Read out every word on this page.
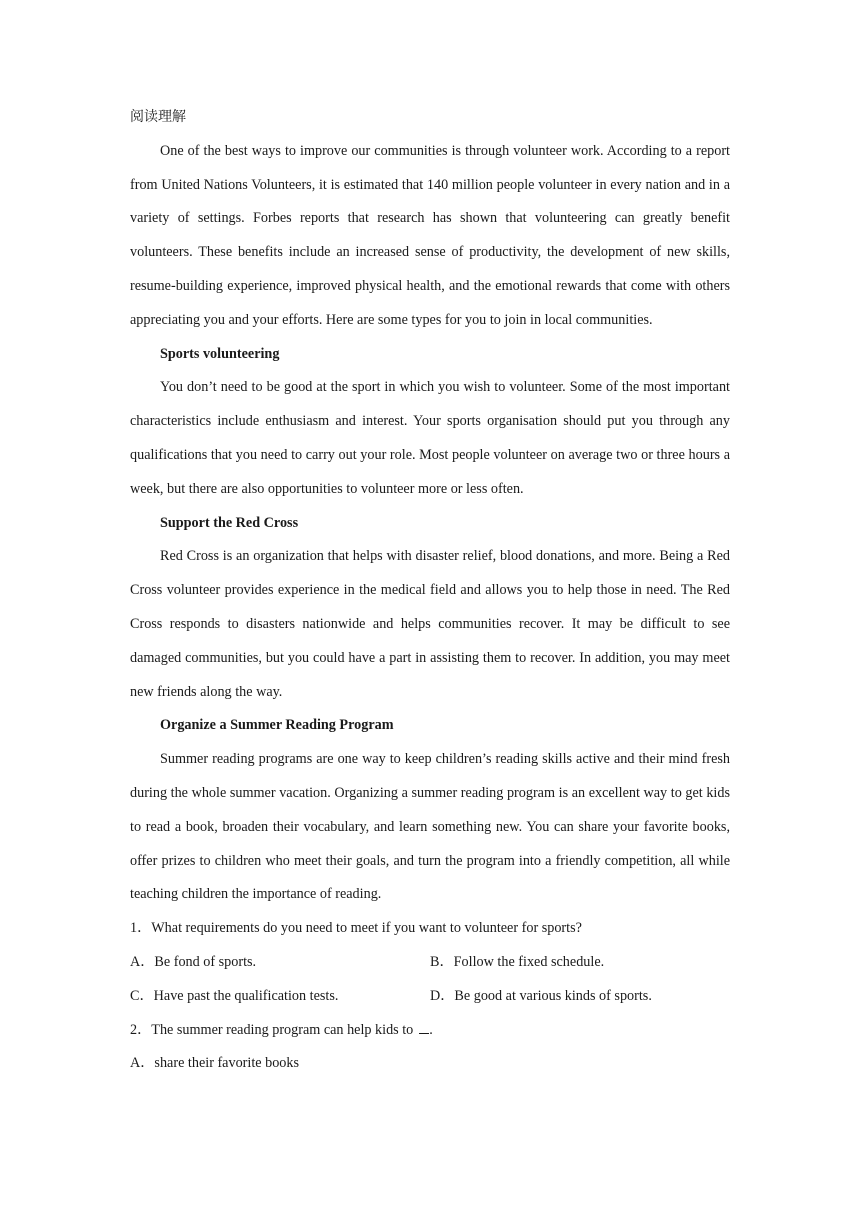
阅读理解

One of the best ways to improve our communities is through volunteer work. According to a report from United Nations Volunteers, it is estimated that 140 million people volunteer in every nation and in a variety of settings. Forbes reports that research has shown that volunteering can greatly benefit volunteers. These benefits include an increased sense of productivity, the development of new skills, resume-building experience, improved physical health, and the emotional rewards that come with others appreciating you and your efforts. Here are some types for you to join in local communities.

Sports volunteering

You don’t need to be good at the sport in which you wish to volunteer. Some of the most important characteristics include enthusiasm and interest. Your sports organisation should put you through any qualifications that you need to carry out your role. Most people volunteer on average two or three hours a week, but there are also opportunities to volunteer more or less often.

Support the Red Cross

Red Cross is an organization that helps with disaster relief, blood donations, and more. Being a Red Cross volunteer provides experience in the medical field and allows you to help those in need. The Red Cross responds to disasters nationwide and helps communities recover. It may be difficult to see damaged communities, but you could have a part in assisting them to recover. In addition, you may meet new friends along the way.

Organize a Summer Reading Program

Summer reading programs are one way to keep children’s reading skills active and their mind fresh during the whole summer vacation. Organizing a summer reading program is an excellent way to get kids to read a book, broaden their vocabulary, and learn something new. You can share your favorite books, offer prizes to children who meet their goals, and turn the program into a friendly competition, all while teaching children the importance of reading.

1．What requirements do you need to meet if you want to volunteer for sports?

A．Be fond of sports.	B．Follow the fixed schedule.

C．Have past the qualification tests.	D．Be good at various kinds of sports.

2．The summer reading program can help kids to .

A．share their favorite books
